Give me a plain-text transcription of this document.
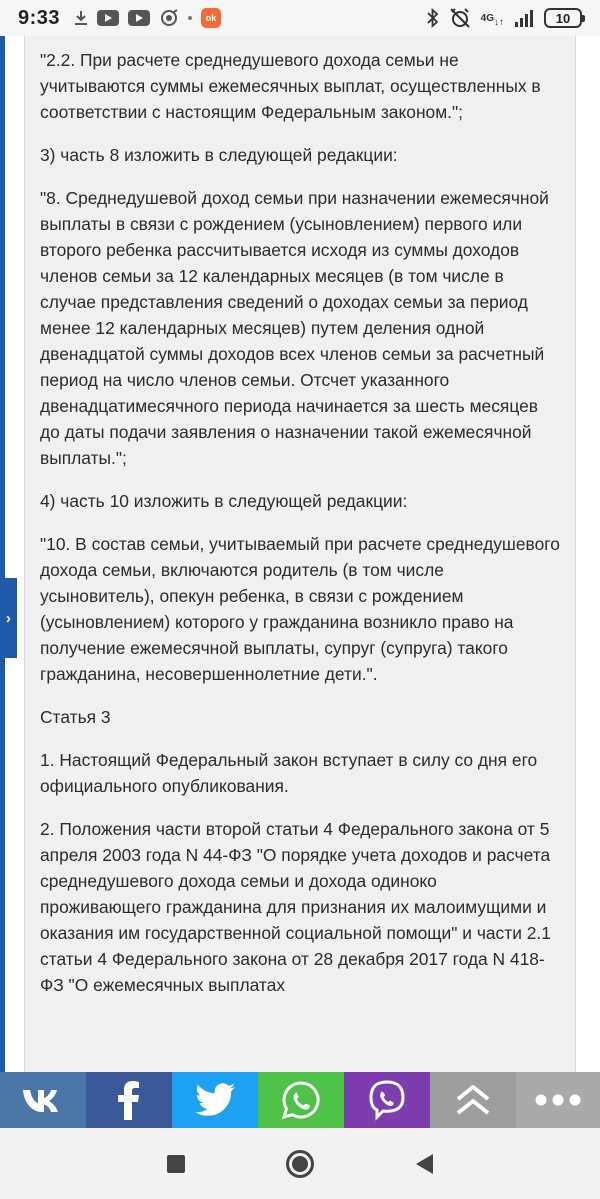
9:33	ok	4G ↓↑	10

"2.2. При расчете среднедушевого дохода семьи не учитываются суммы ежемесячных выплат, осуществленных в соответствии с настоящим Федеральным законом.";

3) часть 8 изложить в следующей редакции:

"8. Среднедушевой доход семьи при назначении ежемесячной выплаты в связи с рождением (усыновлением) первого или второго ребенка рассчитывается исходя из суммы доходов членов семьи за 12 календарных месяцев (в том числе в случае представления сведений о доходах семьи за период менее 12 календарных месяцев) путем деления одной двенадцатой суммы доходов всех членов семьи за расчетный период на число членов семьи. Отсчет указанного двенадцатимесячного периода начинается за шесть месяцев до даты подачи заявления о назначении такой ежемесячной выплаты.";

4) часть 10 изложить в следующей редакции:

"10. В состав семьи, учитываемый при расчете среднедушевого дохода семьи, включаются родитель (в том числе усыновитель), опекун ребенка, в связи с рождением (усыновлением) которого у гражданина возникло право на получение ежемесячной выплаты, супруг (супруга) такого гражданина, несовершеннолетние дети.".

Статья 3

1. Настоящий Федеральный закон вступает в силу со дня его официального опубликования.

2. Положения части второй статьи 4 Федерального закона от 5 апреля 2003 года N 44-ФЗ "О порядке учета доходов и расчета среднедушевого дохода семьи и дохода одиноко проживающего гражданина для признания их малоимущими и оказания им государственной социальной помощи" и части 2.1 статьи 4 Федерального закона от 28 декабря 2017 года N 418-ФЗ "О ежемесячных выплатах

›
